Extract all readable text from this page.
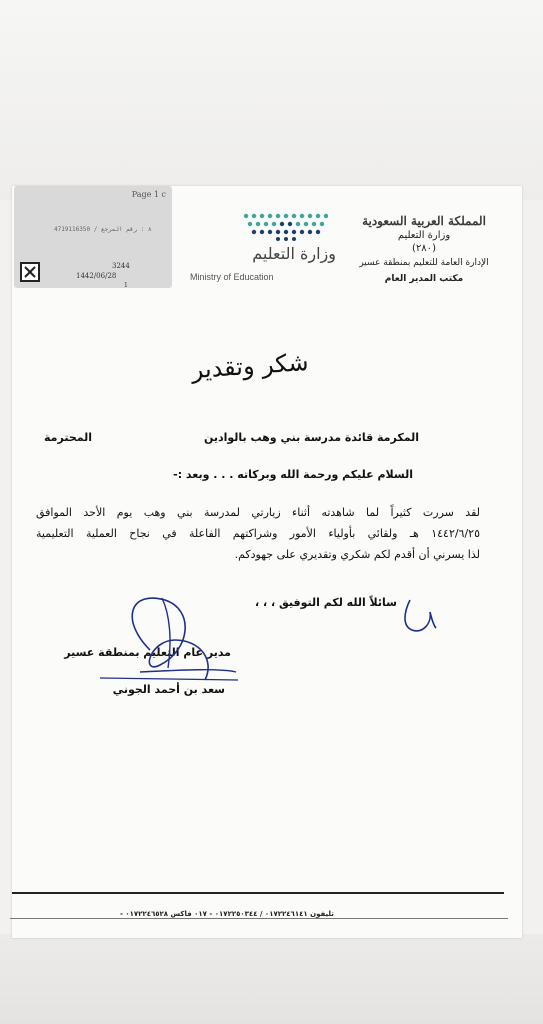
Page 1 c
4719116350 / ٨ : رقم المرجع
3244
1442/06/28
1
وزارة التعليم
Ministry of Education
المملكة العربية السعودية
وزارة التعليم
(٢٨٠)
الإدارة العامة للتعليم بمنطقة عسير
مكتب المدير العام
شكر وتقدير
المكرمة قائدة مدرسة بني وهب بالوادين
المحترمة
السلام عليكم ورحمة الله وبركاته . . . وبعد :-
لقد سررت كثيراً لما شاهدته أثناء زيارتي لمدرسة بني وهب يوم الأحد الموافق
١٤٤٢/٦/٢٥ هـ ولقائي بأولياء الأمور وشراكتهم الفاعلة في نجاح العملية التعليمية
لذا يسرني أن أقدم لكم شكري وتقديري على جهودكم.
سائلاً الله لكم التوفيق ، ، ،
مدير عام التعليم بمنطقة عسير
سعد بن أحمد الجوني
تليفون ٠١٧٢٢٤٦١٤١ / ٠١٧٢٢٥٠٣٤٤ - ٠١٧ فاكس ٠١٧٢٢٤٦٥٢٨ -
